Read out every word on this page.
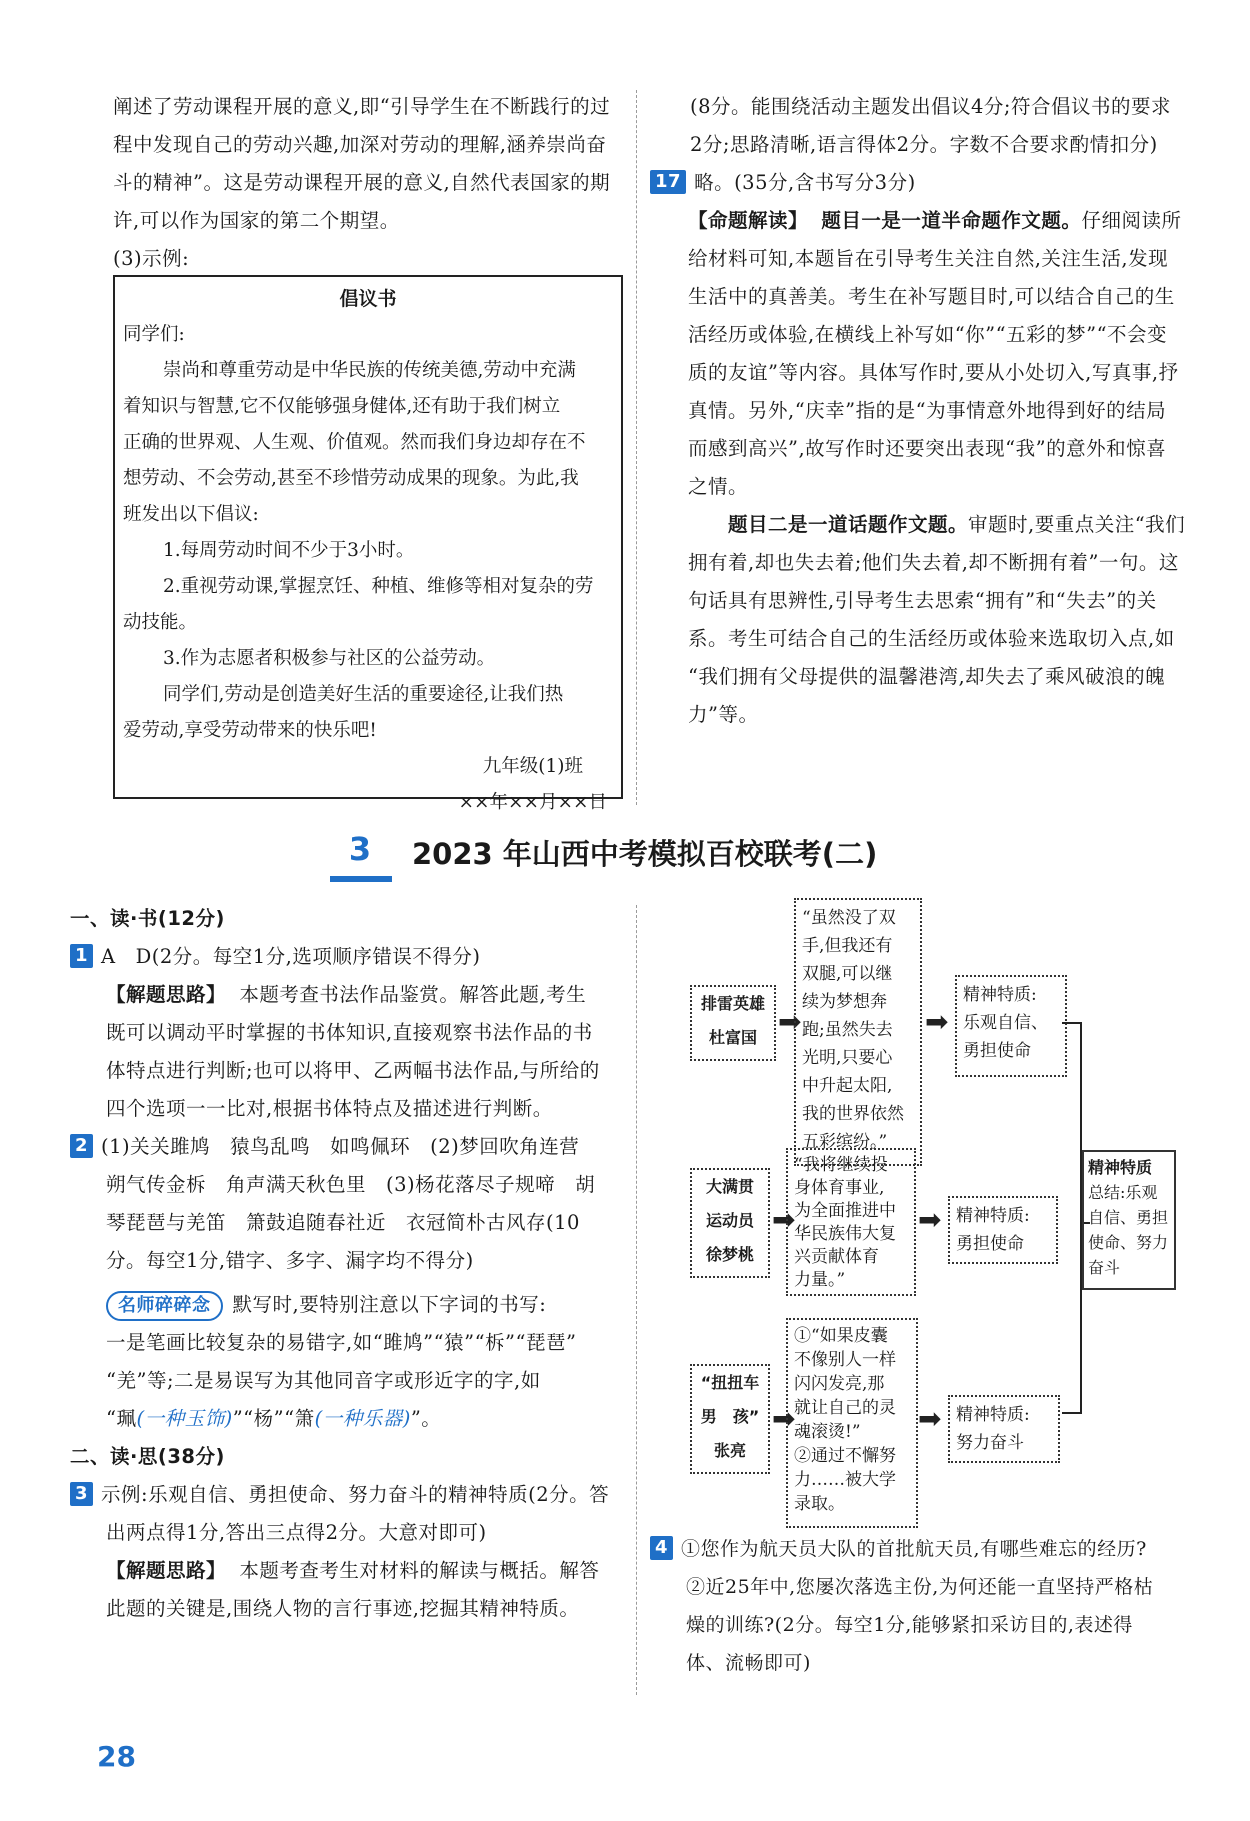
阐述了劳动课程开展的意义,即“引导学生在不断践行的过
程中发现自己的劳动兴趣,加深对劳动的理解,涵养崇尚奋
斗的精神”。这是劳动课程开展的意义,自然代表国家的期
许,可以作为国家的第二个期望。
(3)示例:
倡议书
同学们:
崇尚和尊重劳动是中华民族的传统美德,劳动中充满
着知识与智慧,它不仅能够强身健体,还有助于我们树立
正确的世界观、人生观、价值观。然而我们身边却存在不
想劳动、不会劳动,甚至不珍惜劳动成果的现象。为此,我
班发出以下倡议:
1.每周劳动时间不少于3小时。
2.重视劳动课,掌握烹饪、种植、维修等相对复杂的劳
动技能。
3.作为志愿者积极参与社区的公益劳动。
同学们,劳动是创造美好生活的重要途径,让我们热
爱劳动,享受劳动带来的快乐吧!
九年级(1)班
××年××月××日
(8分。能围绕活动主题发出倡议4分;符合倡议书的要求
2分;思路清晰,语言得体2分。字数不合要求酌情扣分)
17 略。(35分,含书写分3分)
【命题解读】 题目一是一道半命题作文题。仔细阅读所
给材料可知,本题旨在引导考生关注自然,关注生活,发现
生活中的真善美。考生在补写题目时,可以结合自己的生
活经历或体验,在横线上补写如“你”“五彩的梦”“不会变
质的友谊”等内容。具体写作时,要从小处切入,写真事,抒
真情。另外,“庆幸”指的是“为事情意外地得到好的结局
而感到高兴”,故写作时还要突出表现“我”的意外和惊喜
之情。
题目二是一道话题作文题。审题时,要重点关注“我们
拥有着,却也失去着;他们失去着,却不断拥有着”一句。这
句话具有思辨性,引导考生去思索“拥有”和“失去”的关
系。考生可结合自己的生活经历或体验来选取切入点,如
“我们拥有父母提供的温馨港湾,却失去了乘风破浪的魄
力”等。
3	2023 年山西中考模拟百校联考(二)
一、读·书(12分)
1 A　D(2分。每空1分,选项顺序错误不得分)
【解题思路】 本题考查书法作品鉴赏。解答此题,考生
既可以调动平时掌握的书体知识,直接观察书法作品的书
体特点进行判断;也可以将甲、乙两幅书法作品,与所给的
四个选项一一比对,根据书体特点及描述进行判断。
2 (1)关关雎鸠　猿鸟乱鸣　如鸣佩环　(2)梦回吹角连营
朔气传金柝　角声满天秋色里　(3)杨花落尽子规啼　胡
琴琵琶与羌笛　箫鼓追随春社近　衣冠简朴古风存(10
分。每空1分,错字、多字、漏字均不得分)
名师碎碎念 默写时,要特别注意以下字词的书写:
一是笔画比较复杂的易错字,如“雎鸠”“猿”“柝”“琵琶”
“羌”等;二是易误写为其他同音字或形近字的字,如
“珮(一种玉饰)”“杨”“箫(一种乐器)”。
二、读·思(38分)
3 示例:乐观自信、勇担使命、努力奋斗的精神特质(2分。答
出两点得1分,答出三点得2分。大意对即可)
【解题思路】 本题考查考生对材料的解读与概括。解答
此题的关键是,围绕人物的言行事迹,挖掘其精神特质。
排雷英雄
杜富国 ➡
“虽然没了双
手,但我还有
双腿,可以继
续为梦想奔
跑;虽然失去
光明,只要心
中升起太阳,
我的世界依然
五彩缤纷。”
➡
精神特质:
乐观自信、
勇担使命
大满贯
运动员
徐梦桃
➡
“我将继续投
身体育事业,
为全面推进中
华民族伟大复
兴贡献体育
力量。”
➡ 精神特质:
勇担使命
“扭扭车
男　孩”
张亮
➡
①“如果皮囊
不像别人一样
闪闪发亮,那
就让自己的灵
魂滚烫!”
②通过不懈努
力……被大学
录取。
➡ 精神特质:
努力奋斗
精神特质
总结:乐观
自信、勇担
使命、努力
奋斗
4 ①您作为航天员大队的首批航天员,有哪些难忘的经历?
②近25年中,您屡次落选主份,为何还能一直坚持严格枯
燥的训练?(2分。每空1分,能够紧扣采访目的,表述得
体、流畅即可)
28
